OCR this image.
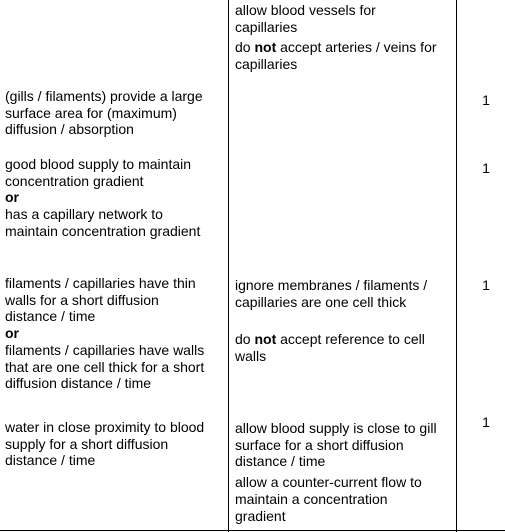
allow blood vessels for
capillaries

do not accept arteries / veins for
capillaries

(gills / filaments) provide a large
surface area for (maximum)
diffusion / absorption

1

good blood supply to maintain
concentration gradient
or
has a capillary network to
maintain concentration gradient

1

filaments / capillaries have thin
walls for a short diffusion
distance / time
or
filaments / capillaries have walls
that are one cell thick for a short
diffusion distance / time

ignore membranes / filaments /
capillaries are one cell thick

do not accept reference to cell
walls

1

water in close proximity to blood
supply for a short diffusion
distance / time

allow blood supply is close to gill
surface for a short diffusion
distance / time

allow a counter-current flow to
maintain a concentration
gradient

1
